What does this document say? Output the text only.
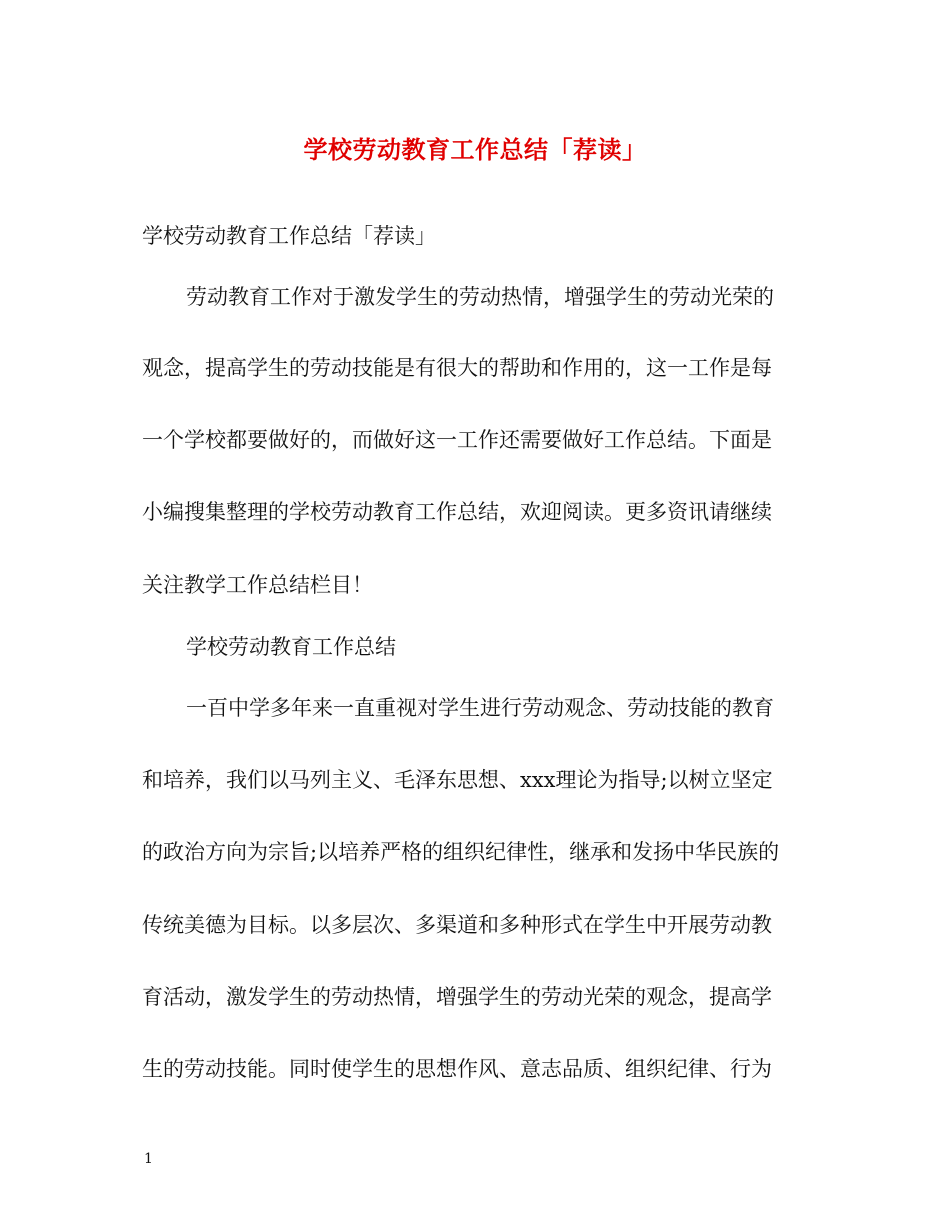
学校劳动教育工作总结「荐读」
学校劳动教育工作总结「荐读」
劳动教育工作对于激发学生的劳动热情，增强学生的劳动光荣的
观念，提高学生的劳动技能是有很大的帮助和作用的，这一工作是每
一个学校都要做好的，而做好这一工作还需要做好工作总结。下面是
小编搜集整理的学校劳动教育工作总结，欢迎阅读。更多资讯请继续
关注教学工作总结栏目！
学校劳动教育工作总结
一百中学多年来一直重视对学生进行劳动观念、劳动技能的教育
和培养，我们以马列主义、毛泽东思想、xxx理论为指导;以树立坚定
的政治方向为宗旨;以培养严格的组织纪律性，继承和发扬中华民族的
传统美德为目标。以多层次、多渠道和多种形式在学生中开展劳动教
育活动，激发学生的劳动热情，增强学生的劳动光荣的观念，提高学
生的劳动技能。同时使学生的思想作风、意志品质、组织纪律、行为
1
